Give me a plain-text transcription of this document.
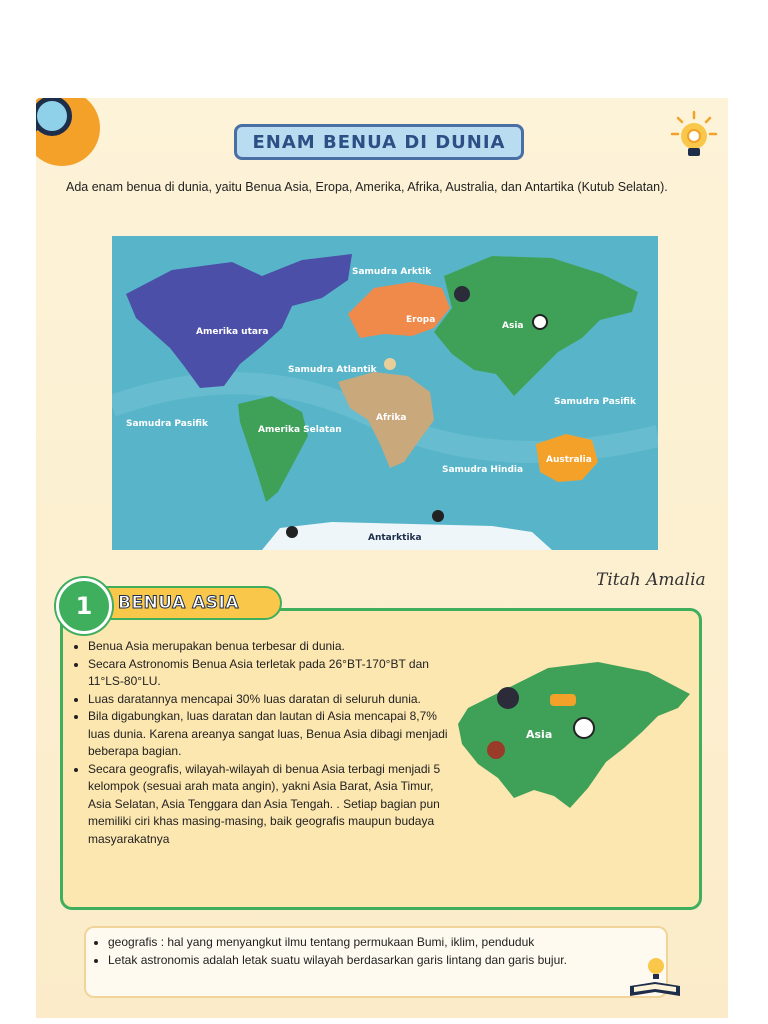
ENAM BENUA DI DUNIA
Ada enam benua di dunia, yaitu Benua Asia, Eropa, Amerika, Afrika, Australia, dan Antartika (Kutub Selatan).
Samudra Arktik
Eropa
Asia
Amerika utara
Samudra Atlantik
Samudra Pasifik
Samudra Pasifik
Afrika
Amerika Selatan
Samudra Hindia
Australia
Antarktika
Titah Amalia
1 BENUA ASIA
• Benua Asia merupakan benua terbesar di dunia.
• Secara Astronomis Benua Asia terletak pada 26°BT-170°BT dan 11°LS-80°LU.
• Luas daratannya mencapai 30% luas daratan di seluruh dunia.
• Bila digabungkan, luas daratan dan lautan di Asia mencapai 8,7% luas dunia. Karena areanya sangat luas, Benua Asia dibagi menjadi beberapa bagian.
• Secara geografis, wilayah-wilayah di benua Asia terbagi menjadi 5 kelompok (sesuai arah mata angin), yakni Asia Barat, Asia Timur, Asia Selatan, Asia Tenggara dan Asia Tengah. . Setiap bagian pun memiliki ciri khas masing-masing, baik geografis maupun budaya masyarakatnya
Asia
• geografis : hal yang menyangkut ilmu tentang permukaan Bumi, iklim, penduduk
• Letak astronomis adalah letak suatu wilayah berdasarkan garis lintang dan garis bujur.
